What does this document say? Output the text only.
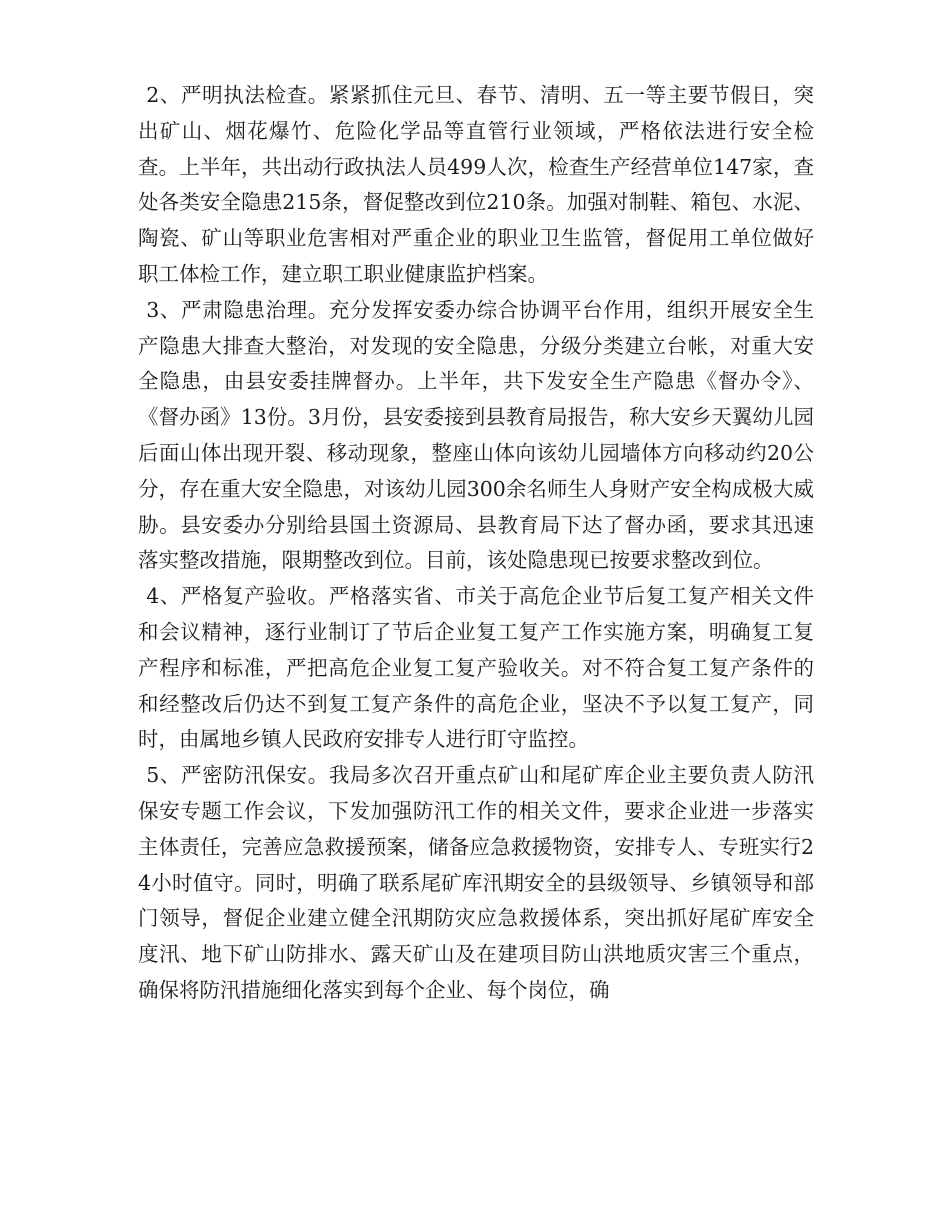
2、严明执法检查。紧紧抓住元旦、春节、清明、五一等主要节假日，突出矿山、烟花爆竹、危险化学品等直管行业领域，严格依法进行安全检查。上半年，共出动行政执法人员499人次，检查生产经营单位147家，查处各类安全隐患215条，督促整改到位210条。加强对制鞋、箱包、水泥、陶瓷、矿山等职业危害相对严重企业的职业卫生监管，督促用工单位做好职工体检工作，建立职工职业健康监护档案。

3、严肃隐患治理。充分发挥安委办综合协调平台作用，组织开展安全生产隐患大排查大整治，对发现的安全隐患，分级分类建立台帐，对重大安全隐患，由县安委挂牌督办。上半年，共下发安全生产隐患《督办令》、《督办函》13份。3月份，县安委接到县教育局报告，称大安乡天翼幼儿园后面山体出现开裂、移动现象，整座山体向该幼儿园墙体方向移动约20公分，存在重大安全隐患，对该幼儿园300余名师生人身财产安全构成极大威胁。县安委办分别给县国土资源局、县教育局下达了督办函，要求其迅速落实整改措施，限期整改到位。目前，该处隐患现已按要求整改到位。

4、严格复产验收。严格落实省、市关于高危企业节后复工复产相关文件和会议精神，逐行业制订了节后企业复工复产工作实施方案，明确复工复产程序和标准，严把高危企业复工复产验收关。对不符合复工复产条件的和经整改后仍达不到复工复产条件的高危企业，坚决不予以复工复产，同时，由属地乡镇人民政府安排专人进行盯守监控。

5、严密防汛保安。我局多次召开重点矿山和尾矿库企业主要负责人防汛保安专题工作会议，下发加强防汛工作的相关文件，要求企业进一步落实主体责任，完善应急救援预案，储备应急救援物资，安排专人、专班实行24小时值守。同时，明确了联系尾矿库汛期安全的县级领导、乡镇领导和部门领导，督促企业建立健全汛期防灾应急救援体系，突出抓好尾矿库安全度汛、地下矿山防排水、露天矿山及在建项目防山洪地质灾害三个重点，确保将防汛措施细化落实到每个企业、每个岗位，确
